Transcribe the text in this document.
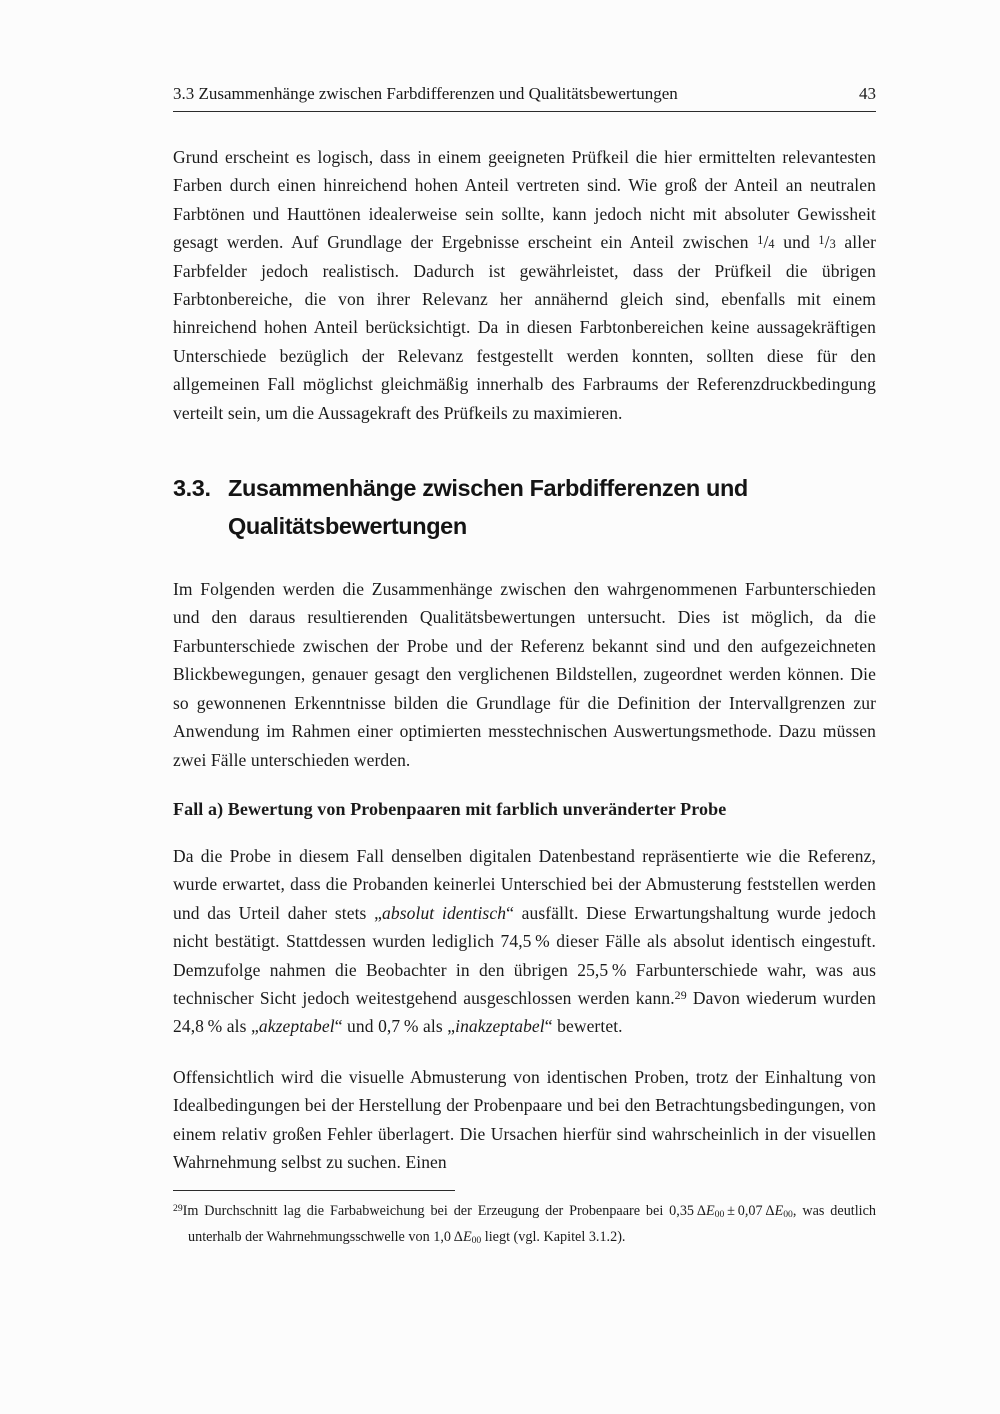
3.3 Zusammenhänge zwischen Farbdifferenzen und Qualitätsbewertungen	43

Grund erscheint es logisch, dass in einem geeigneten Prüfkeil die hier ermittelten relevantesten Farben durch einen hinreichend hohen Anteil vertreten sind. Wie groß der Anteil an neutralen Farbtönen und Hauttönen idealerweise sein sollte, kann jedoch nicht mit absoluter Gewissheit gesagt werden. Auf Grundlage der Ergebnisse erscheint ein Anteil zwischen $^1$/4 und $^1$/3 aller Farbfelder jedoch realistisch. Dadurch ist gewährleistet, dass der Prüfkeil die übrigen Farbtonbereiche, die von ihrer Relevanz her annähernd gleich sind, ebenfalls mit einem hinreichend hohen Anteil berücksichtigt. Da in diesen Farbtonbereichen keine aussagekräftigen Unterschiede bezüglich der Relevanz festgestellt werden konnten, sollten diese für den allgemeinen Fall möglichst gleichmäßig innerhalb des Farbraums der Referenzdruckbedingung verteilt sein, um die Aussagekraft des Prüfkeils zu maximieren.

3.3. Zusammenhänge zwischen Farbdifferenzen und Qualitätsbewertungen

Im Folgenden werden die Zusammenhänge zwischen den wahrgenommenen Farbunterschieden und den daraus resultierenden Qualitätsbewertungen untersucht. Dies ist möglich, da die Farbunterschiede zwischen der Probe und der Referenz bekannt sind und den aufgezeichneten Blickbewegungen, genauer gesagt den verglichenen Bildstellen, zugeordnet werden können. Die so gewonnenen Erkenntnisse bilden die Grundlage für die Definition der Intervallgrenzen zur Anwendung im Rahmen einer optimierten messtechnischen Auswertungsmethode. Dazu müssen zwei Fälle unterschieden werden.

Fall a) Bewertung von Probenpaaren mit farblich unveränderter Probe

Da die Probe in diesem Fall denselben digitalen Datenbestand repräsentierte wie die Referenz, wurde erwartet, dass die Probanden keinerlei Unterschied bei der Abmusterung feststellen werden und das Urteil daher stets „absolut identisch“ ausfällt. Diese Erwartungshaltung wurde jedoch nicht bestätigt. Stattdessen wurden lediglich 74,5 % dieser Fälle als absolut identisch eingestuft. Demzufolge nahmen die Beobachter in den übrigen 25,5 % Farbunterschiede wahr, was aus technischer Sicht jedoch weitestgehend ausgeschlossen werden kann.$^{29}$ Davon wiederum wurden 24,8 % als „akzeptabel“ und 0,7 % als „inakzeptabel“ bewertet.

Offensichtlich wird die visuelle Abmusterung von identischen Proben, trotz der Einhaltung von Idealbedingungen bei der Herstellung der Probenpaare und bei den Betrachtungsbedingungen, von einem relativ großen Fehler überlagert. Die Ursachen hierfür sind wahrscheinlich in der visuellen Wahrnehmung selbst zu suchen. Einen

$^{29}$Im Durchschnitt lag die Farbabweichung bei der Erzeugung der Probenpaare bei 0,35 ΔE00 ± 0,07 ΔE00, was deutlich unterhalb der Wahrnehmungsschwelle von 1,0 ΔE00 liegt (vgl. Kapitel 3.1.2).
